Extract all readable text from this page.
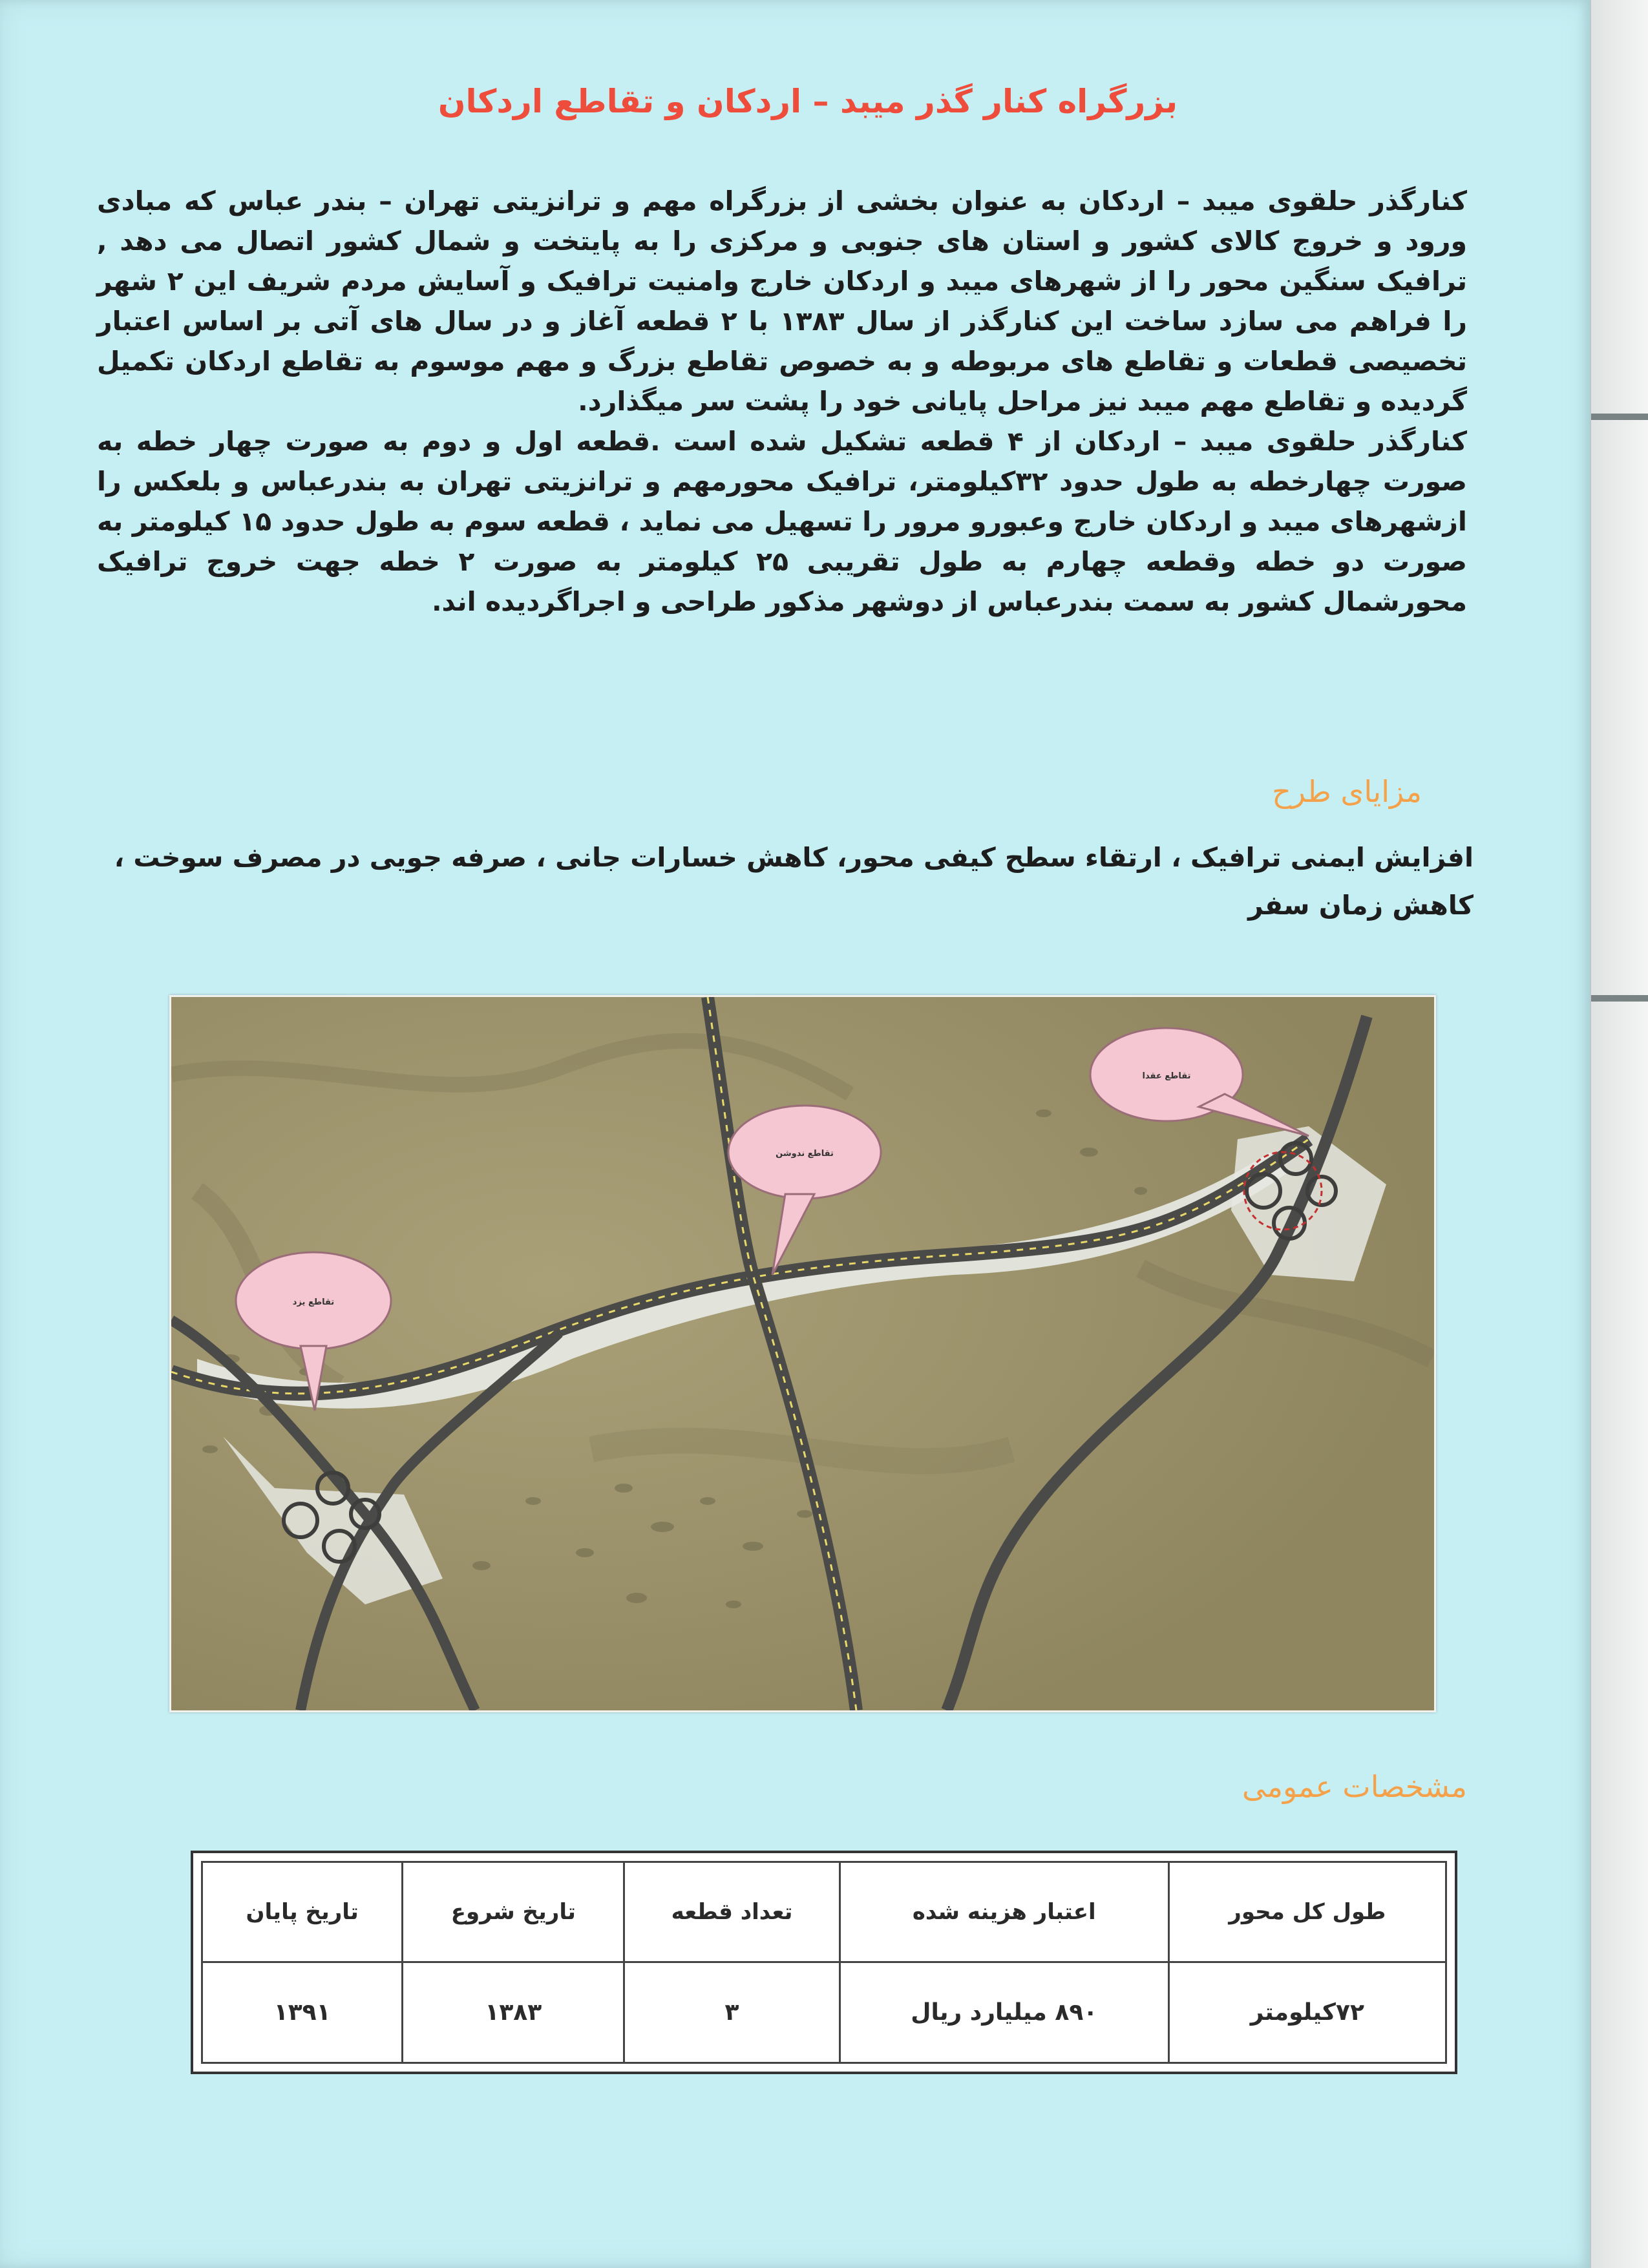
بزرگراه کنار گذر میبد – اردکان و تقاطع اردکان

کنارگذر حلقوی میبد – اردکان به عنوان بخشی از بزرگراه مهم و ترانزیتی تهران – بندر عباس که مبادی ورود و خروج کالای کشور و استان های جنوبی و مرکزی را به پایتخت و شمال کشور اتصال می دهد , ترافیک سنگین محور را از شهرهای میبد و اردکان خارج وامنیت ترافیک و آسایش مردم شریف این ۲ شهر را فراهم می سازد ساخت این کنارگذر از سال ۱۳۸۳ با ۲ قطعه آغاز و در سال های آتی بر اساس اعتبار تخصیصی قطعات و تقاطع های مربوطه و به خصوص تقاطع بزرگ و مهم موسوم به تقاطع اردکان تکمیل گردیده و تقاطع مهم میبد نیز مراحل پایانی خود را پشت سر میگذارد.

کنارگذر حلقوی میبد – اردکان از ۴ قطعه تشکیل شده است .قطعه اول و دوم به صورت چهار خطه به صورت چهارخطه به طول حدود ۳۲کیلومتر، ترافیک محورمهم و ترانزیتی تهران به بندرعباس و بلعکس را ازشهرهای میبد و اردکان خارج وعبورو مرور را تسهیل می نماید ، قطعه سوم به طول حدود ۱۵ کیلومتر به صورت دو خطه وقطعه چهارم به طول تقریبی ۲۵ کیلومتر به صورت ۲ خطه جهت خروج ترافیک محورشمال کشور به سمت بندرعباس از دوشهر مذکور طراحی و اجراگردیده اند.

مزایای طرح
افزایش ایمنی ترافیک ، ارتقاء سطح کیفی محور، کاهش خسارات جانی ، صرفه جویی در مصرف سوخت ، کاهش زمان سفر
تقاطع یزد
تقاطع ندوشن
تقاطع عقدا
مشخصات عمومی
طول کل محور	اعتبار هزینه شده	تعداد قطعه	تاریخ شروع	تاریخ پایان
۷۲کیلومتر	۸۹۰ میلیارد ریال	۳	۱۳۸۳	۱۳۹۱
